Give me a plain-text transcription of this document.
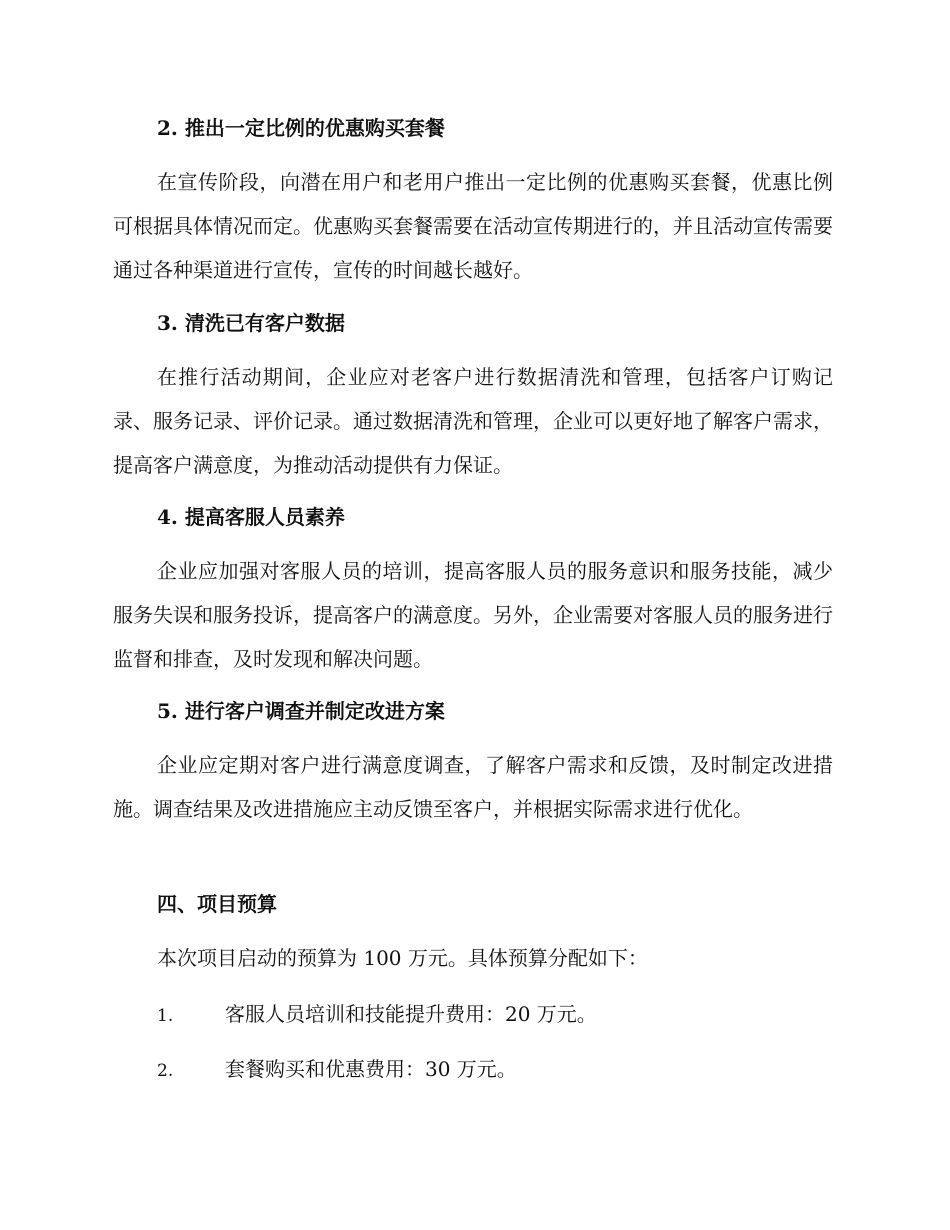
2. 推出一定比例的优惠购买套餐

在宣传阶段，向潜在用户和老用户推出一定比例的优惠购买套餐，优惠比例可根据具体情况而定。优惠购买套餐需要在活动宣传期进行的，并且活动宣传需要通过各种渠道进行宣传，宣传的时间越长越好。

3. 清洗已有客户数据

在推行活动期间，企业应对老客户进行数据清洗和管理，包括客户订购记录、服务记录、评价记录。通过数据清洗和管理，企业可以更好地了解客户需求，提高客户满意度，为推动活动提供有力保证。

4. 提高客服人员素养

企业应加强对客服人员的培训，提高客服人员的服务意识和服务技能，减少服务失误和服务投诉，提高客户的满意度。另外，企业需要对客服人员的服务进行监督和排查，及时发现和解决问题。

5. 进行客户调查并制定改进方案

企业应定期对客户进行满意度调查，了解客户需求和反馈，及时制定改进措施。调查结果及改进措施应主动反馈至客户，并根据实际需求进行优化。

四、项目预算

本次项目启动的预算为 100 万元。具体预算分配如下：

1.	客服人员培训和技能提升费用：20 万元。
2.	套餐购买和优惠费用：30 万元。
